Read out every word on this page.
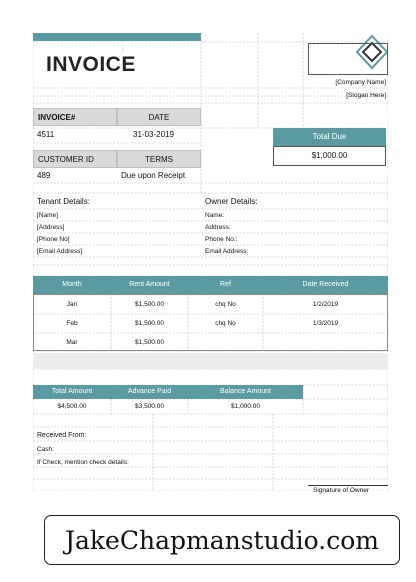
INVOICE
[Company Name]
[Slogan Here]
INVOICE#	DATE
4511	31-03-2019
CUSTOMER ID	TERMS
489	Due upon Receipt
Total Due
$1,000.00
Tenant Details:
[Name]
[Address]
[Phone No]
[Email Address]
Owner Details:
Name:
Address:
Phone No.:
Email Address:
Month	Rent Amount	Ref	Date Received
Jan	$1,500.00	chq No	1/2/2019
Feb	$1,500.00	chq No	1/3/2019
Mar	$1,500.00
Total Amount	Advance Paid	Balance Amount
$4,500.00	$3,500.00	$1,000.00
Received From:
Cash:
If Check, mention check details:
Signature of Owner
JakeChapmanstudio.com
